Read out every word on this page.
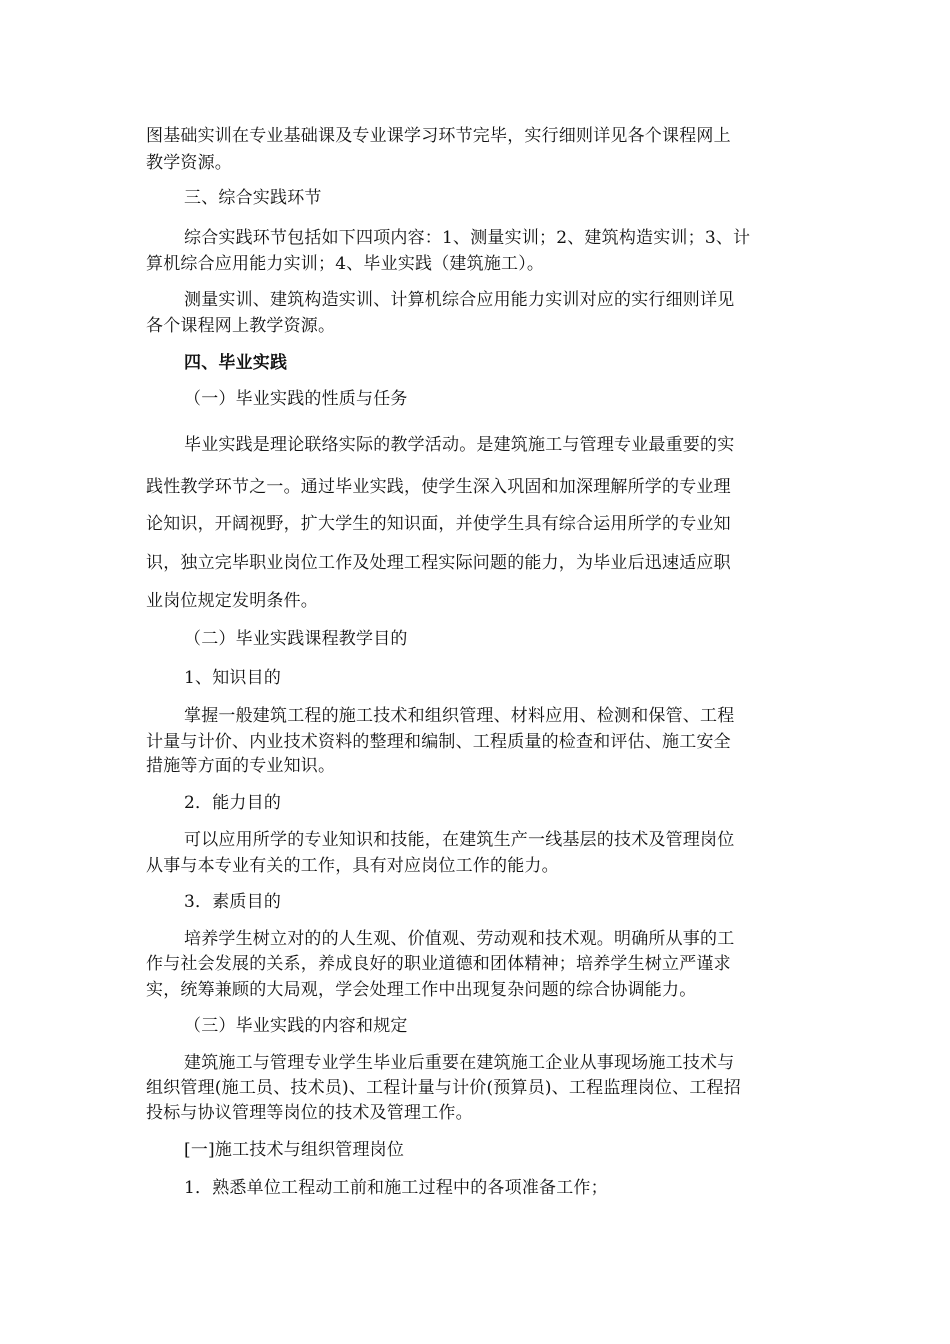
图基础实训在专业基础课及专业课学习环节完毕，实行细则详见各个课程网上
教学资源。
三、综合实践环节
综合实践环节包括如下四项内容：1、测量实训；2、建筑构造实训；3、计
算机综合应用能力实训；4、毕业实践（建筑施工）。
测量实训、建筑构造实训、计算机综合应用能力实训对应的实行细则详见
各个课程网上教学资源。
四、毕业实践
（一）毕业实践的性质与任务
毕业实践是理论联络实际的教学活动。是建筑施工与管理专业最重要的实
践性教学环节之一。通过毕业实践，使学生深入巩固和加深理解所学的专业理
论知识，开阔视野，扩大学生的知识面，并使学生具有综合运用所学的专业知
识，独立完毕职业岗位工作及处理工程实际问题的能力，为毕业后迅速适应职
业岗位规定发明条件。
（二）毕业实践课程教学目的
1、知识目的
掌握一般建筑工程的施工技术和组织管理、材料应用、检测和保管、工程
计量与计价、内业技术资料的整理和编制、工程质量的检查和评估、施工安全
措施等方面的专业知识。
2．能力目的
可以应用所学的专业知识和技能，在建筑生产一线基层的技术及管理岗位
从事与本专业有关的工作，具有对应岗位工作的能力。
3．素质目的
培养学生树立对的的人生观、价值观、劳动观和技术观。明确所从事的工
作与社会发展的关系，养成良好的职业道德和团体精神；培养学生树立严谨求
实，统筹兼顾的大局观，学会处理工作中出现复杂问题的综合协调能力。
（三）毕业实践的内容和规定
建筑施工与管理专业学生毕业后重要在建筑施工企业从事现场施工技术与
组织管理(施工员、技术员)、工程计量与计价(预算员)、工程监理岗位、工程招
投标与协议管理等岗位的技术及管理工作。
[一]施工技术与组织管理岗位
1．熟悉单位工程动工前和施工过程中的各项准备工作；
